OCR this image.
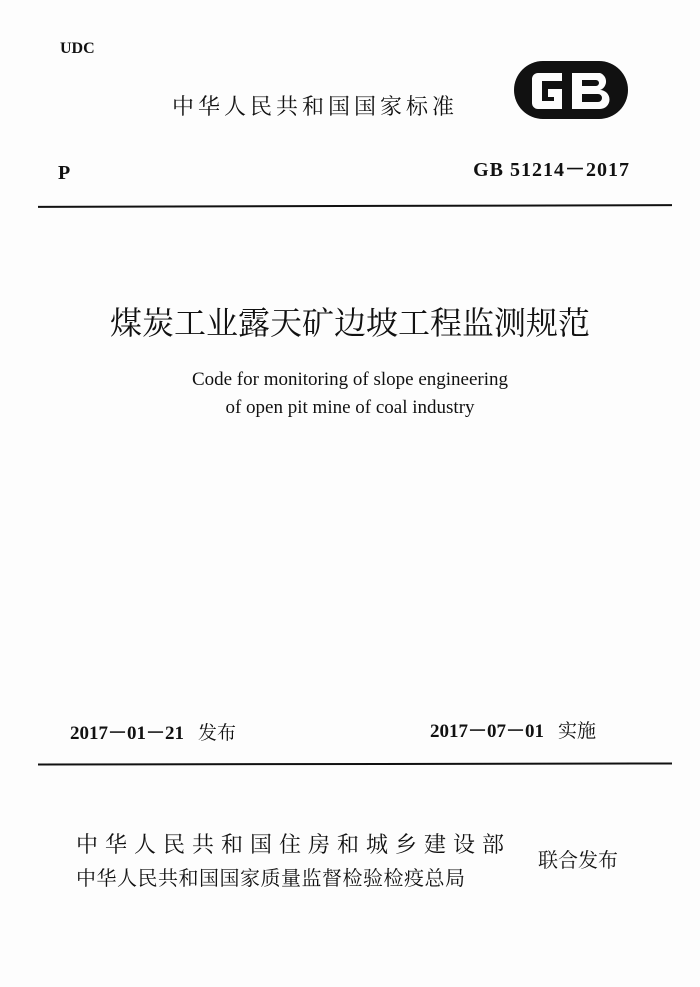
UDC
中华人民共和国国家标准
P	GB 51214－2017
煤炭工业露天矿边坡工程监测规范
Code for monitoring of slope engineering
of open pit mine of coal industry
2017－01－21 发布	2017－07－01 实施
中华人民共和国住房和城乡建设部
中华人民共和国国家质量监督检验检疫总局
联合发布
